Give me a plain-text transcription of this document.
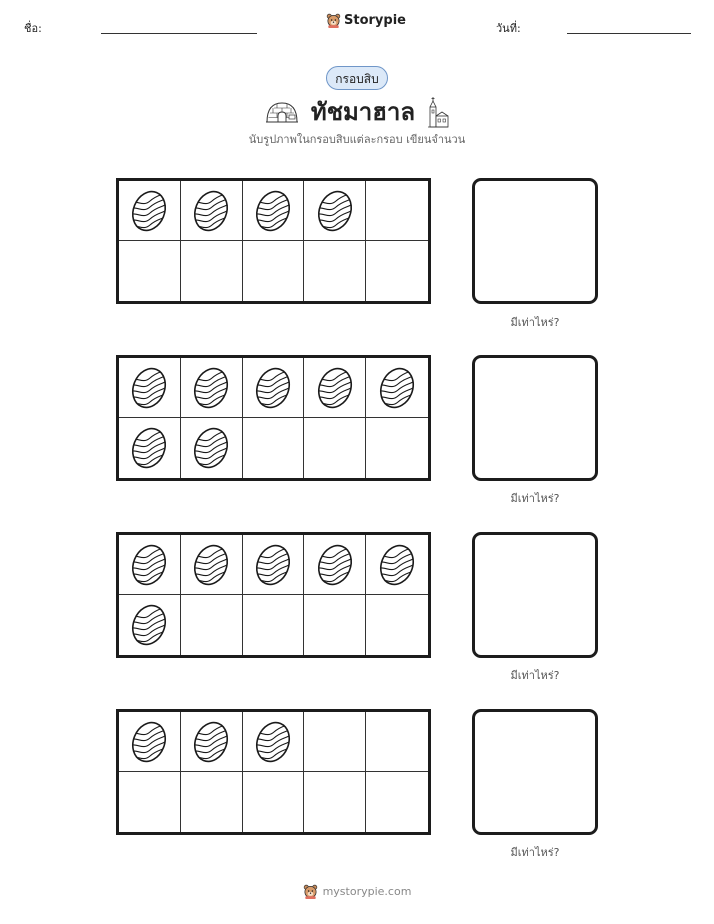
ชื่อ:
Storypie
วันที่:
กรอบสิบ
ทัชมาฮาล
นับรูปภาพในกรอบสิบแต่ละกรอบ เขียนจำนวน
มีเท่าไหร่?
มีเท่าไหร่?
มีเท่าไหร่?
มีเท่าไหร่?
mystorypie.com
